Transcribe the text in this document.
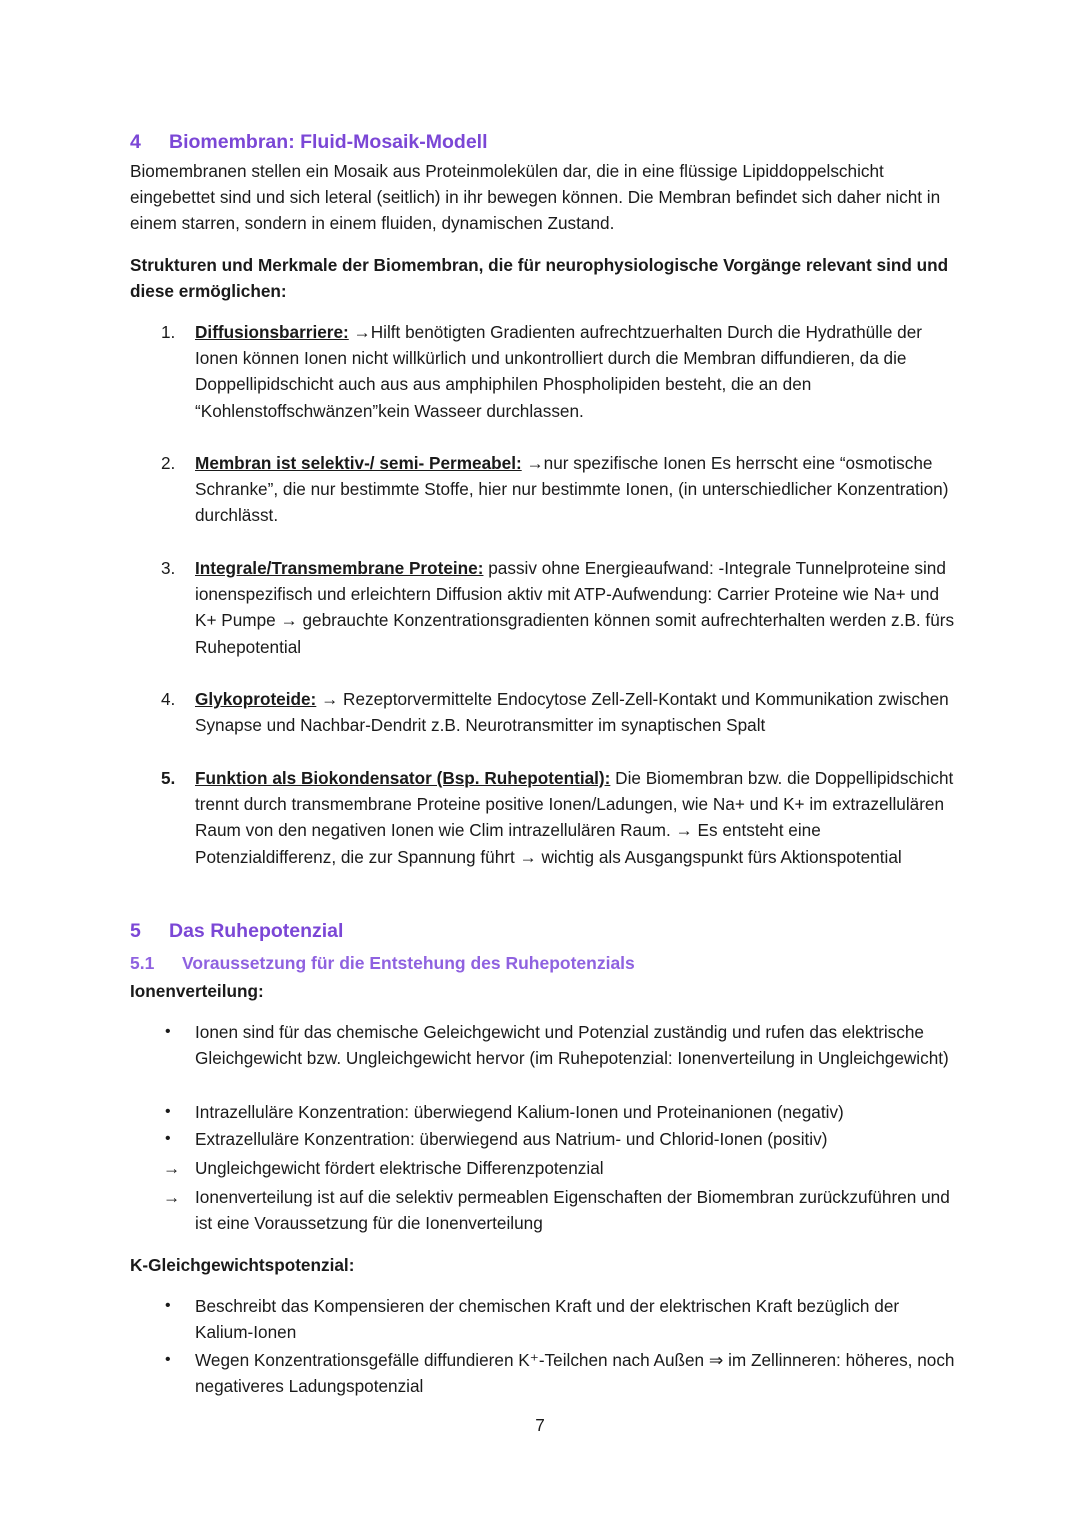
4 Biomembran: Fluid-Mosaik-Modell
Biomembranen stellen ein Mosaik aus Proteinmolekülen dar, die in eine flüssige Lipiddoppelschicht eingebettet sind und sich leteral (seitlich) in ihr bewegen können. Die Membran befindet sich daher nicht in einem starren, sondern in einem fluiden, dynamischen Zustand.
Strukturen und Merkmale der Biomembran, die für neurophysiologische Vorgänge relevant sind und diese ermöglichen:
1.	Diffusionsbarriere: →Hilft benötigten Gradienten aufrechtzuerhalten Durch die Hydrathülle der Ionen können Ionen nicht willkürlich und unkontrolliert durch die Membran diffundieren, da die Doppellipidschicht auch aus aus amphiphilen Phospholipiden besteht, die an den “Kohlenstoffschwänzen”kein Wasseer durchlassen.
2.	Membran ist selektiv-/ semi- Permeabel: →nur spezifische Ionen Es herrscht eine “osmotische Schranke”, die nur bestimmte Stoffe, hier nur bestimmte Ionen, (in unterschiedlicher Konzentration) durchlässt.
3.	Integrale/Transmembrane Proteine: passiv ohne Energieaufwand: -Integrale Tunnelproteine sind ionenspezifisch und erleichtern Diffusion aktiv mit ATP-Aufwendung: Carrier Proteine wie Na+ und K+ Pumpe → gebrauchte Konzentrationsgradienten können somit aufrechterhalten werden z.B. fürs Ruhepotential
4.	Glykoproteide: → Rezeptorvermittelte Endocytose Zell-Zell-Kontakt und Kommunikation zwischen Synapse und Nachbar-Dendrit z.B. Neurotransmitter im synaptischen Spalt
5.	Funktion als Biokondensator (Bsp. Ruhepotential): Die Biomembran bzw. die Doppellipidschicht trennt durch transmembrane Proteine positive Ionen/Ladungen, wie Na+ und K+ im extrazellulären Raum von den negativen Ionen wie Clim intrazellulären Raum. → Es entsteht eine Potenzialdifferenz, die zur Spannung führt → wichtig als Ausgangspunkt fürs Aktionspotential
5 Das Ruhepotenzial
5.1 Voraussetzung für die Entstehung des Ruhepotenzials
Ionenverteilung:
•	Ionen sind für das chemische Geleichgewicht und Potenzial zuständig und rufen das elektrische Gleichgewicht bzw. Ungleichgewicht hervor (im Ruhepotenzial: Ionenverteilung in Ungleichgewicht)
•	Intrazelluläre Konzentration: überwiegend Kalium-Ionen und Proteinanionen (negativ)
•	Extrazelluläre Konzentration: überwiegend aus Natrium- und Chlorid-Ionen (positiv)
→ Ungleichgewicht fördert elektrische Differenzpotenzial
→ Ionenverteilung ist auf die selektiv permeablen Eigenschaften der Biomembran zurückzuführen und ist eine Voraussetzung für die Ionenverteilung
K-Gleichgewichtspotenzial:
•	Beschreibt das Kompensieren der chemischen Kraft und der elektrischen Kraft bezüglich der Kalium-Ionen
•	Wegen Konzentrationsgefälle diffundieren K⁺-Teilchen nach Außen ⇒ im Zellinneren: höheres, noch negativeres Ladungspotenzial
7
